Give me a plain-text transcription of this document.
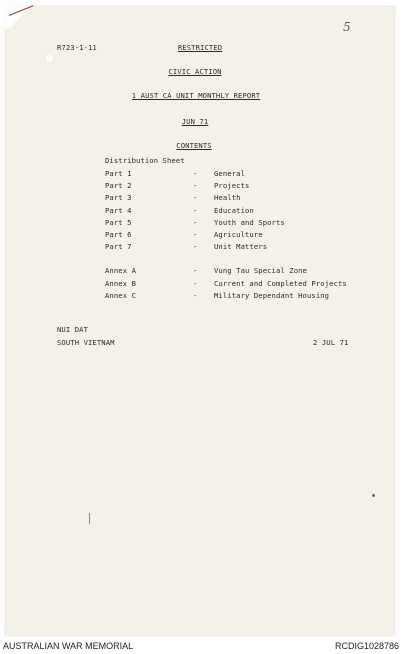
5
R723-1-11	RESTRICTED
CIVIC ACTION
1 AUST CA UNIT MONTHLY REPORT
JUN 71
CONTENTS
Distribution Sheet
Part 1	- General
Part 2	- Projects
Part 3	- Health
Part 4	- Education
Part 5	- Youth and Sports
Part 6	- Agriculture
Part 7	- Unit Matters
Annex A	- Vung Tau Special Zone
Annex B	- Current and Completed Projects
Annex C	- Military Dependant Housing
NUI DAT
SOUTH VIETNAM	2 JUL 71
AUSTRALIAN WAR MEMORIAL	RCDIG1028786
